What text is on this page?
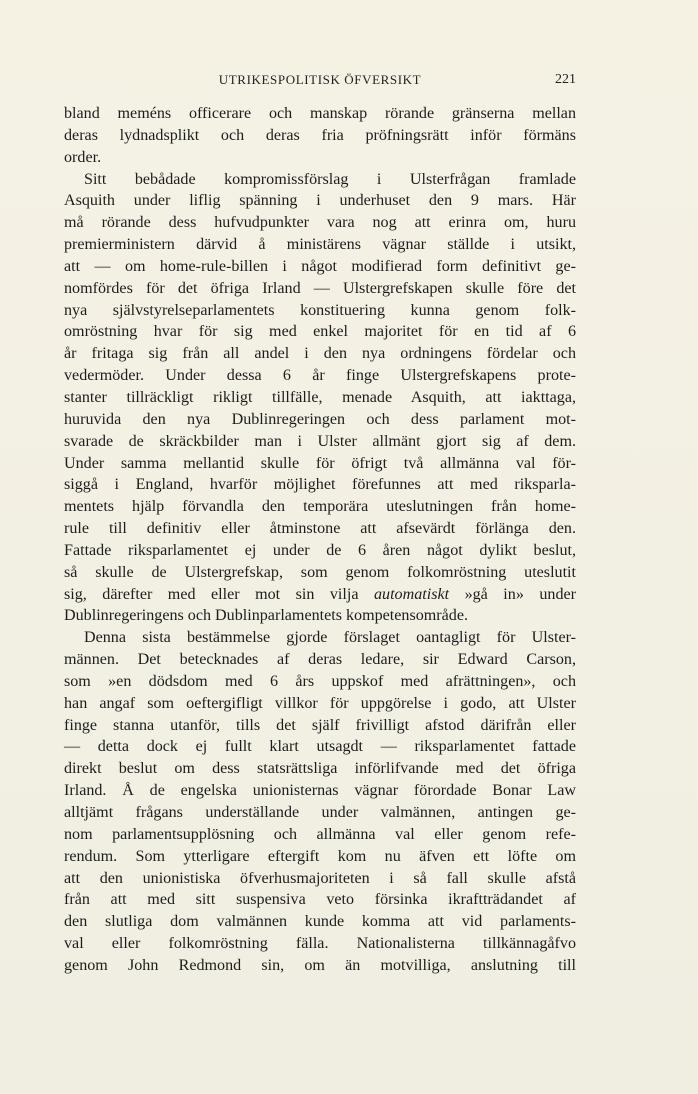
UTRIKESPOLITISK ÖFVERSIKT	221
bland meméns officerare och manskap rörande gränserna mellan
deras lydnadsplikt och deras fria pröfningsrätt inför förmäns
order.
Sitt bebådade kompromissförslag i Ulsterfrågan framlade
Asquith under liflig spänning i underhuset den 9 mars. Här
må rörande dess hufvudpunkter vara nog att erinra om, huru
premierministern därvid å ministärens vägnar ställde i utsikt,
att — om home-rule-billen i något modifierad form definitivt ge-
nomfördes för det öfriga Irland — Ulstergrefskapen skulle före det
nya självstyrelseparlamentets konstituering kunna genom folk-
omröstning hvar för sig med enkel majoritet för en tid af 6
år fritaga sig från all andel i den nya ordningens fördelar och
vedermöder. Under dessa 6 år finge Ulstergrefskapens prote-
stanter tillräckligt rikligt tillfälle, menade Asquith, att iakttaga,
huruvida den nya Dublinregeringen och dess parlament mot-
svarade de skräckbilder man i Ulster allmänt gjort sig af dem.
Under samma mellantid skulle för öfrigt två allmänna val för-
siggå i England, hvarför möjlighet förefunnes att med riksparla-
mentets hjälp förvandla den temporära uteslutningen från home-
rule till definitiv eller åtminstone att afsevärdt förlänga den.
Fattade riksparlamentet ej under de 6 åren något dylikt beslut,
så skulle de Ulstergrefskap, som genom folkomröstning uteslutit
sig, därefter med eller mot sin vilja automatiskt »gå in» under
Dublinregeringens och Dublinparlamentets kompetensområde.
Denna sista bestämmelse gjorde förslaget oantagligt för Ulster-
männen. Det betecknades af deras ledare, sir Edward Carson,
som »en dödsdom med 6 års uppskof med afrättningen», och
han angaf som oeftergifligt villkor för uppgörelse i godo, att Ulster
finge stanna utanför, tills det själf frivilligt afstod därifrån eller
— detta dock ej fullt klart utsagdt — riksparlamentet fattade
direkt beslut om dess statsrättsliga införlifvande med det öfriga
Irland. Å de engelska unionisternas vägnar förordade Bonar Law
alltjämt frågans underställande under valmännen, antingen ge-
nom parlamentsupplösning och allmänna val eller genom refe-
rendum. Som ytterligare eftergift kom nu äfven ett löfte om
att den unionistiska öfverhusmajoriteten i så fall skulle afstå
från att med sitt suspensiva veto försinka ikraftträdandet af
den slutliga dom valmännen kunde komma att vid parlaments-
val eller folkomröstning fälla. Nationalisterna tillkännagåfvo
genom John Redmond sin, om än motvilliga, anslutning till
